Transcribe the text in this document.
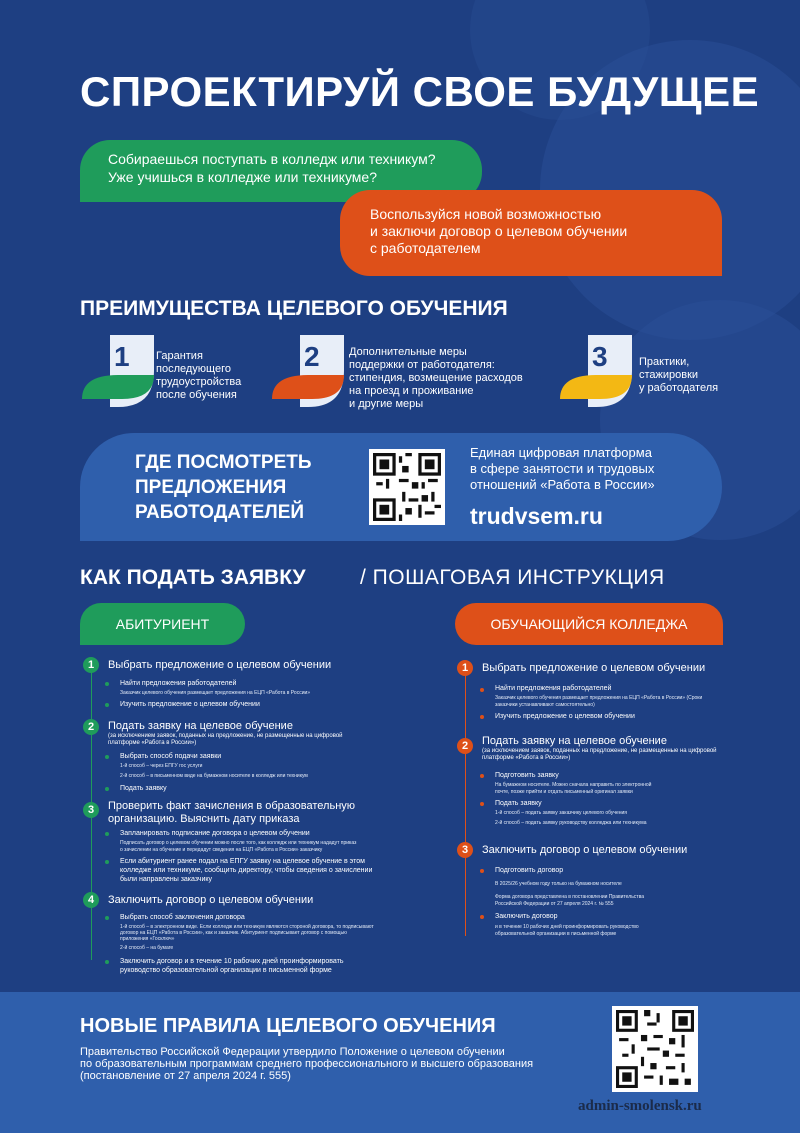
СПРОЕКТИРУЙ СВОЕ БУДУЩЕЕ
Собираешься поступать в колледж или техникум?
Уже учишься в колледже или техникуме?
Воспользуйся новой возможностью
и заключи договор о целевом обучении
с работодателем
ПРЕИМУЩЕСТВА ЦЕЛЕВОГО ОБУЧЕНИЯ
1 Гарантия
последующего
трудоустройства
после обучения
2	Дополнительные меры
поддержки от работодателя:
стипендия, возмещение расходов
на проезд и проживание
и другие меры
3	Практики,
стажировки
у работодателя
ГДЕ ПОСМОТРЕТЬ
ПРЕДЛОЖЕНИЯ
РАБОТОДАТЕЛЕЙ
Единая цифровая платформа
в сфере занятости и трудовых
отношений «Работа в России»
trudvsem.ru
КАК ПОДАТЬ ЗАЯВКУ	/ ПОШАГОВАЯ ИНСТРУКЦИЯ
АБИТУРИЕНТ	ОБУЧАЮЩИЙСЯ КОЛЛЕДЖА
1	Выбрать предложение о целевом обучении
Найти предложения работодателей
Заказчик целевого обучения размещает предложения на ЕЦП «Работа в России»
Изучить предложение о целевом обучении
2	Подать заявку на целевое обучение
(за исключением заявок, поданных на предложение, не размещенные на цифровой
платформе «Работа в России»)
Выбрать способ подачи заявки
1-й способ – через ЕПГУ гос услуги
2-й способ – в письменном виде на бумажном носителе в колледж или техникум
Подать заявку
3	Проверить факт зачисления в образовательную
организацию. Выяснить дату приказа
Запланировать подписание договора о целевом обучении
Подписать договор о целевом обучении можно после того, как колледж или техникум нададут приказ
о зачислении на обучение и передадут сведения на ЕЦП «Работа в России» заказчику
Если абитуриент ранее подал на ЕПГУ заявку на целевое обучение в этом
колледже или техникуме, сообщить директору, чтобы сведения о зачислении
были направлены заказчику
4	Заключить договор о целевом обучении
Выбрать способ заключения договора
1-й способ – в электронном виде. Если колледж или техникум являются стороной договора, то подписывают
договор на ЕЦП «Работа в России», как и заказчик. Абитуриент подписывает договор с помощью
приложения «Госключ»
2-й способ – на бумаге
Заключить договор и в течение 10 рабочих дней проинформировать
руководство образовательной организации в письменной форме
1	Выбрать предложение о целевом обучении
Найти предложения работодателей
Заказчик целевого обучения размещает предложения на ЕЦП «Работа в России» (Сроки
заказчики устанавливают самостоятельно)
Изучить предложение о целевом обучении
2	Подать заявку на целевое обучение
(за исключением заявок, поданных на предложение, не размещенные на цифровой
платформе «Работа в России»)
Подготовить заявку
На бумажном носителе. Можно сначала направить по электронной
почте, позже прийти и отдать письменный оригинал заявки
Подать заявку
1-й способ – подать заявку заказчику целевого обучения
2-й способ – подать заявку руководству колледжа или техникума
3	Заключить договор о целевом обучении
Подготовить договор
В 2025/26 учебном году только на бумажном носителе
Форма договора представлена в постановлении Правительства
Российской Федерации от 27 апреля 2024 г. № 555
Заключить договор
и в течение 10 рабочих дней проинформировать руководство
образовательной организации в письменной форме
НОВЫЕ ПРАВИЛА ЦЕЛЕВОГО ОБУЧЕНИЯ
Правительство Российской Федерации утвердило Положение о целевом обучении
по образовательным программам среднего профессионального и высшего образования
(постановление от 27 апреля 2024 г. 555)
admin-smolensk.ru
